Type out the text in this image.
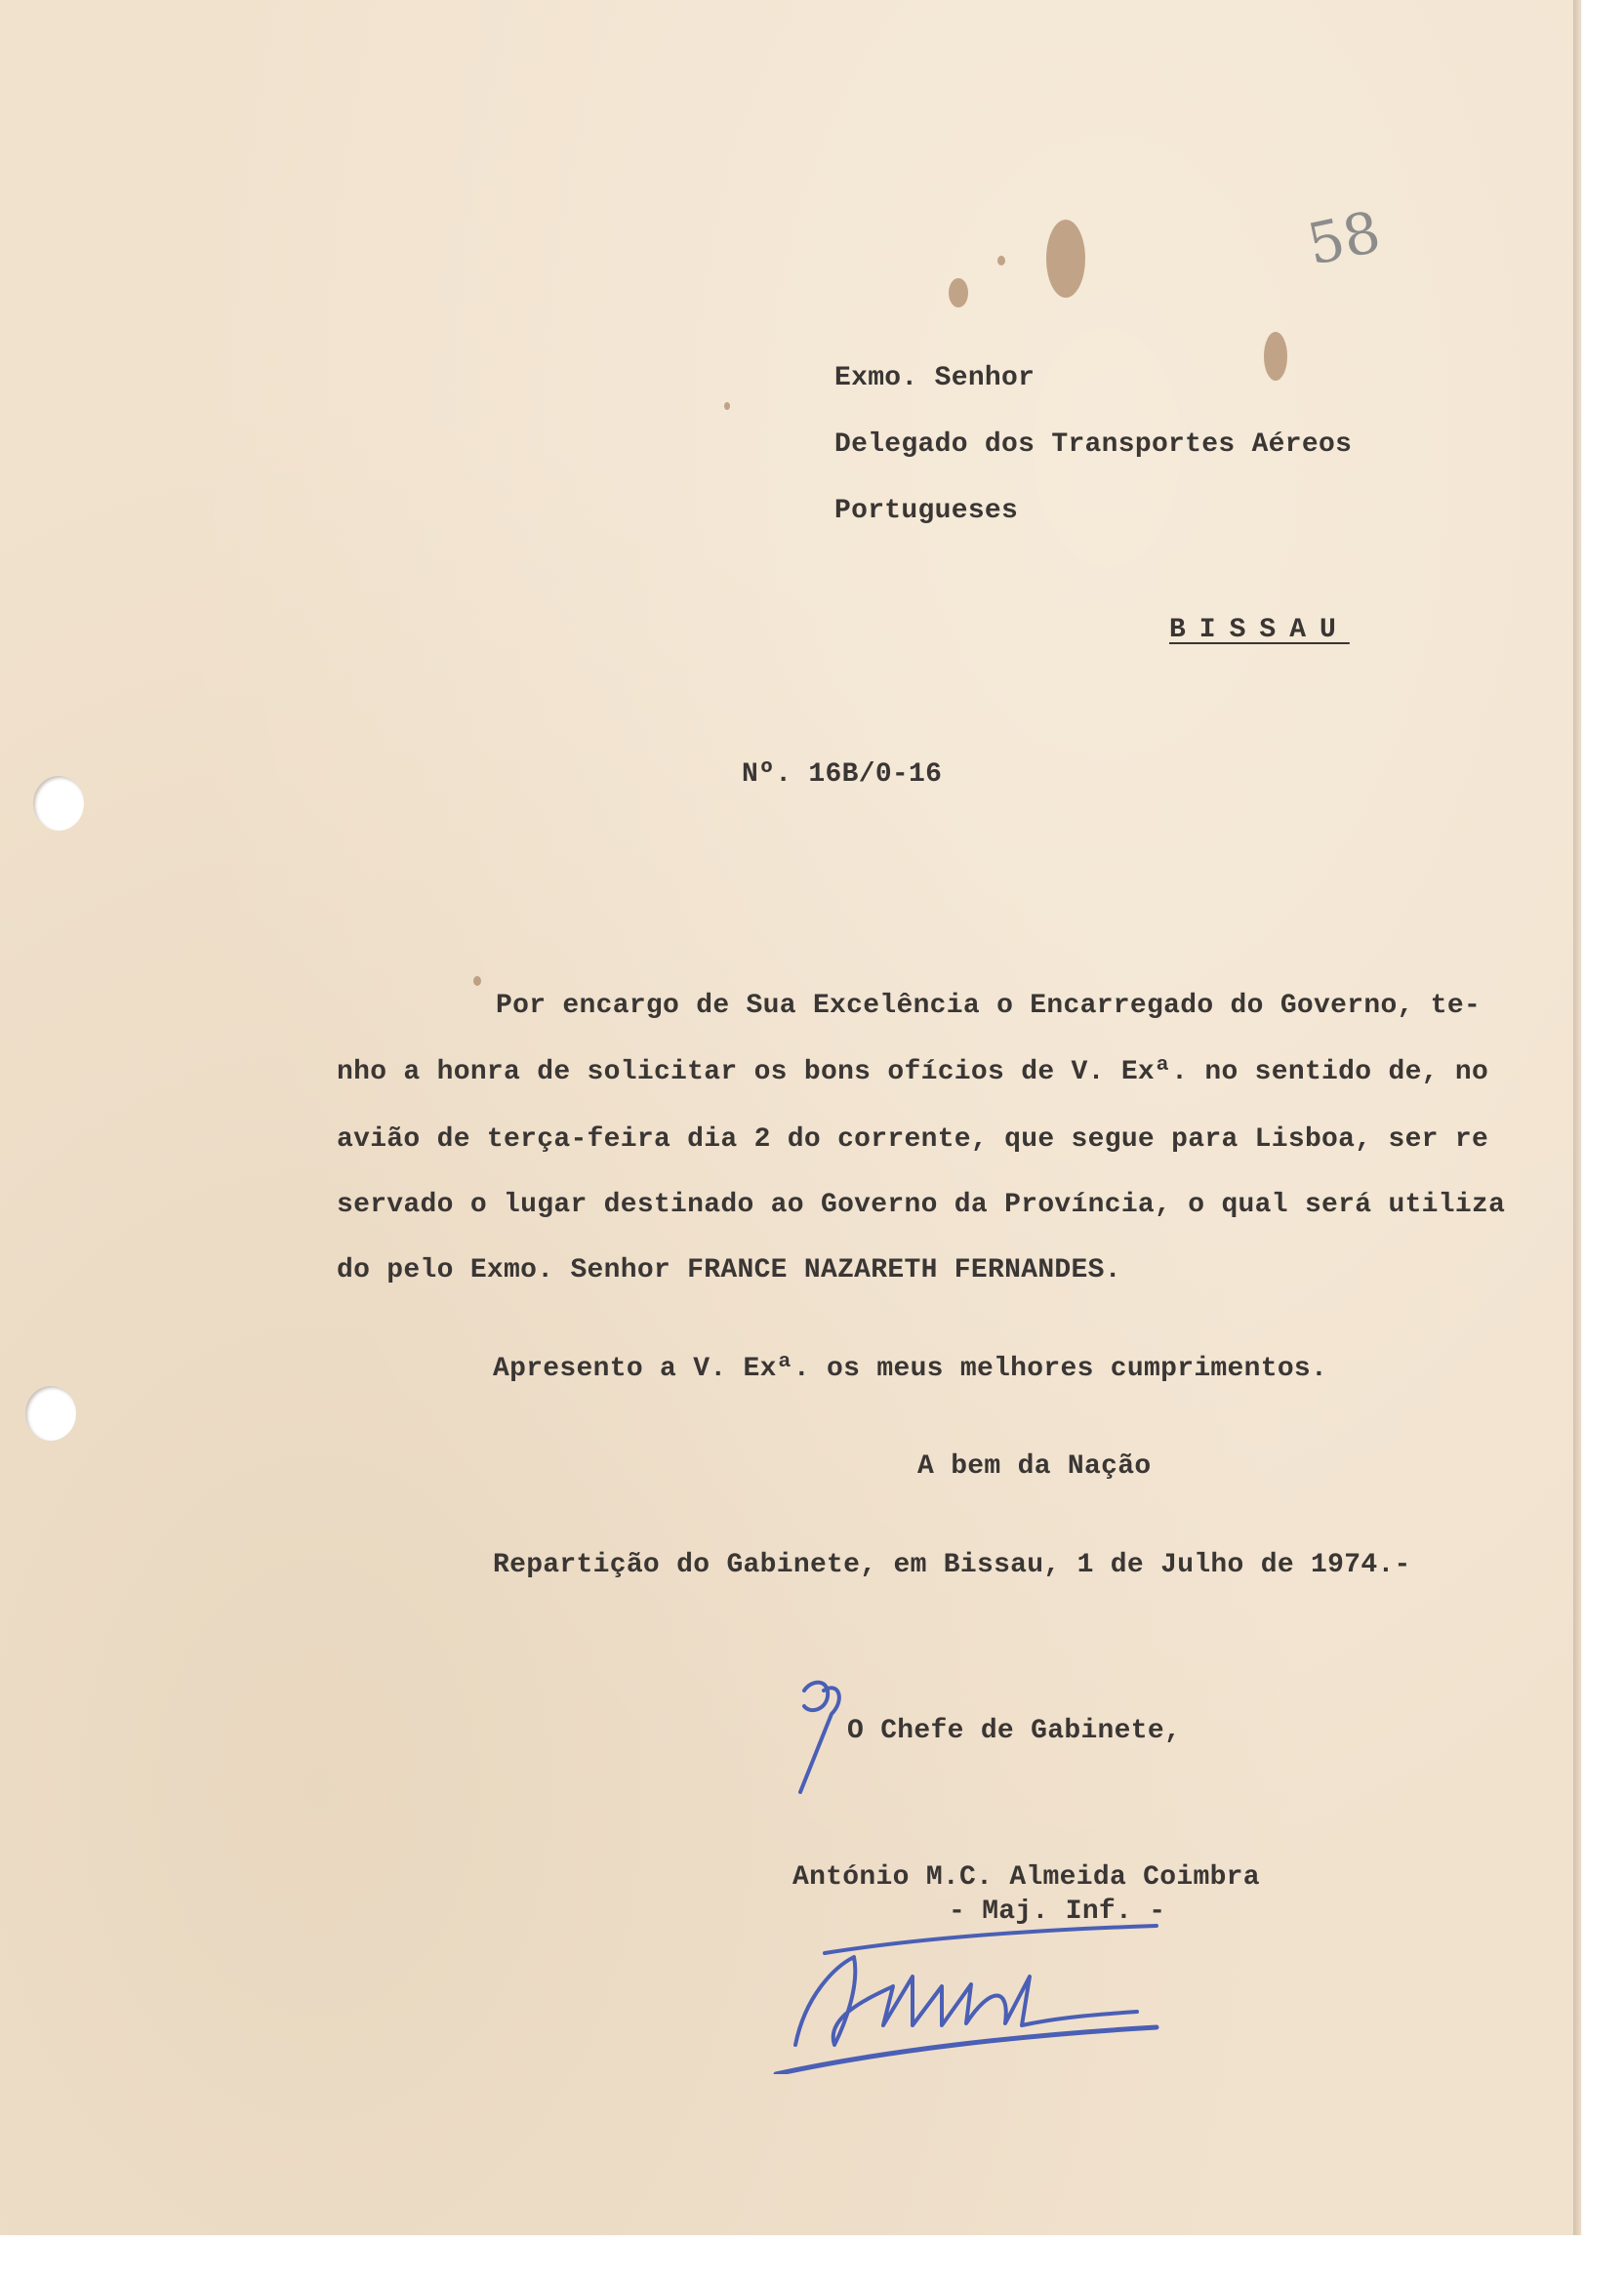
58
Exmo. Senhor
Delegado dos Transportes Aéreos
Portugueses
BISSAU
Nº. 16B/0-16
Por encargo de Sua Excelência o Encarregado do Governo, te-
nho a honra de solicitar os bons ofícios de V. Exª. no sentido de, no
avião de terça-feira dia 2 do corrente, que segue para Lisboa, ser re
servado o lugar destinado ao Governo da Província, o qual será utiliza
do pelo Exmo. Senhor FRANCE NAZARETH FERNANDES.
Apresento a V. Exª. os meus melhores cumprimentos.
A bem da Nação
Repartição do Gabinete, em Bissau, 1 de Julho de 1974.-
O Chefe de Gabinete,
António M.C. Almeida Coimbra
- Maj. Inf. -
